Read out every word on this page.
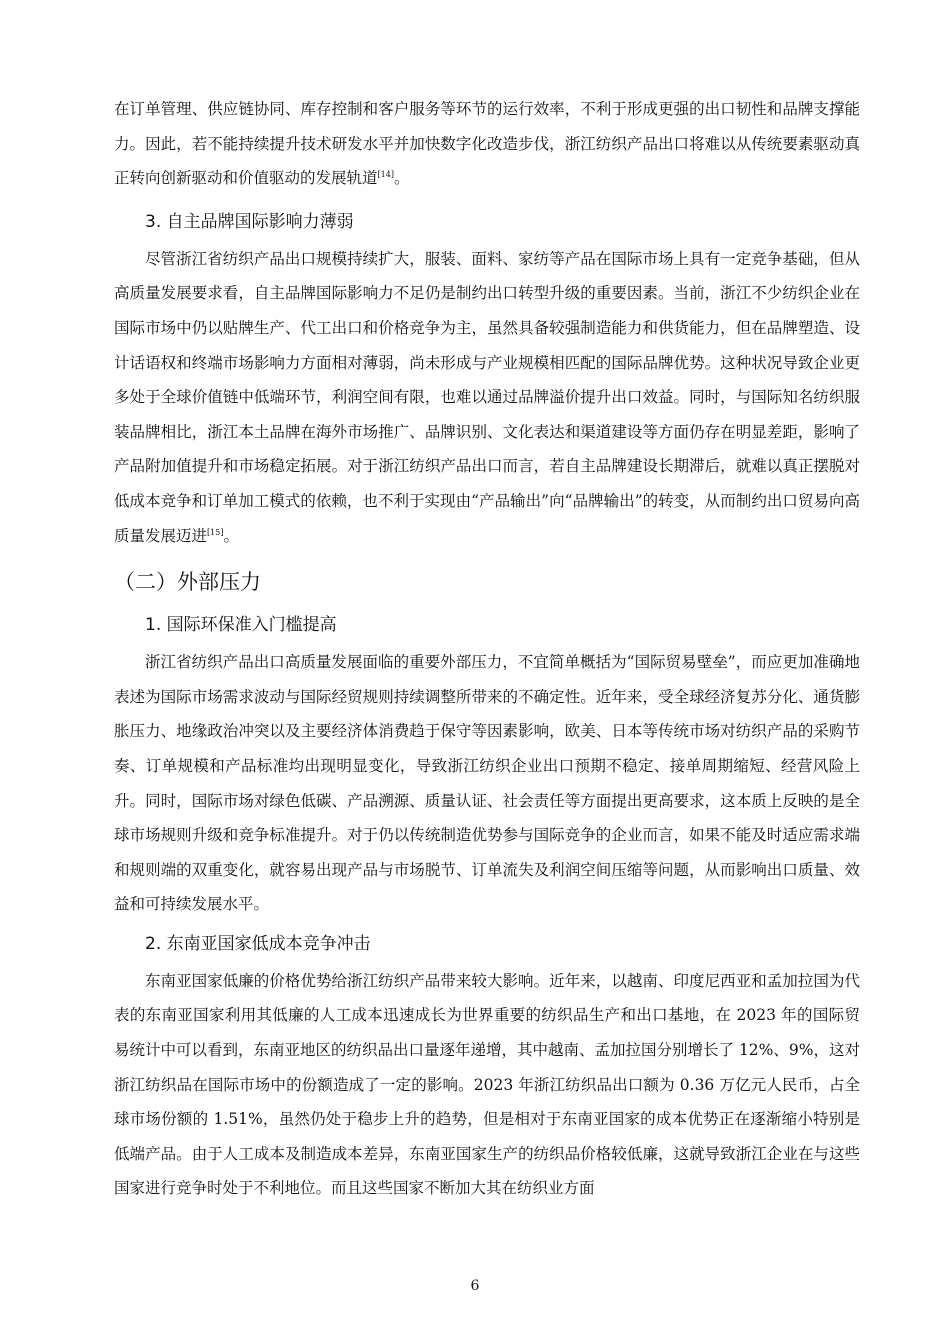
在订单管理、供应链协同、库存控制和客户服务等环节的运行效率，不利于形成更强的出口韧性和品牌支撑能力。因此，若不能持续提升技术研发水平并加快数字化改造步伐，浙江纺织产品出口将难以从传统要素驱动真正转向创新驱动和价值驱动的发展轨道[14]。

3. 自主品牌国际影响力薄弱

尽管浙江省纺织产品出口规模持续扩大，服装、面料、家纺等产品在国际市场上具有一定竞争基础，但从高质量发展要求看，自主品牌国际影响力不足仍是制约出口转型升级的重要因素。当前，浙江不少纺织企业在国际市场中仍以贴牌生产、代工出口和价格竞争为主，虽然具备较强制造能力和供货能力，但在品牌塑造、设计话语权和终端市场影响力方面相对薄弱，尚未形成与产业规模相匹配的国际品牌优势。这种状况导致企业更多处于全球价值链中低端环节，利润空间有限，也难以通过品牌溢价提升出口效益。同时，与国际知名纺织服装品牌相比，浙江本土品牌在海外市场推广、品牌识别、文化表达和渠道建设等方面仍存在明显差距，影响了产品附加值提升和市场稳定拓展。对于浙江纺织产品出口而言，若自主品牌建设长期滞后，就难以真正摆脱对低成本竞争和订单加工模式的依赖，也不利于实现由“产品输出”向“品牌输出”的转变，从而制约出口贸易向高质量发展迈进[15]。

（二）外部压力
1. 国际环保准入门槛提高

浙江省纺织产品出口高质量发展面临的重要外部压力，不宜简单概括为“国际贸易壁垒”，而应更加准确地表述为国际市场需求波动与国际经贸规则持续调整所带来的不确定性。近年来，受全球经济复苏分化、通货膨胀压力、地缘政治冲突以及主要经济体消费趋于保守等因素影响，欧美、日本等传统市场对纺织产品的采购节奏、订单规模和产品标准均出现明显变化，导致浙江纺织企业出口预期不稳定、接单周期缩短、经营风险上升。同时，国际市场对绿色低碳、产品溯源、质量认证、社会责任等方面提出更高要求，这本质上反映的是全球市场规则升级和竞争标准提升。对于仍以传统制造优势参与国际竞争的企业而言，如果不能及时适应需求端和规则端的双重变化，就容易出现产品与市场脱节、订单流失及利润空间压缩等问题，从而影响出口质量、效益和可持续发展水平。

2. 东南亚国家低成本竞争冲击

东南亚国家低廉的价格优势给浙江纺织产品带来较大影响。近年来，以越南、印度尼西亚和孟加拉国为代表的东南亚国家利用其低廉的人工成本迅速成长为世界重要的纺织品生产和出口基地，在 2023 年的国际贸易统计中可以看到，东南亚地区的纺织品出口量逐年递增，其中越南、孟加拉国分别增长了 12%、9%，这对浙江纺织品在国际市场中的份额造成了一定的影响。2023 年浙江纺织品出口额为 0.36 万亿元人民币，占全球市场份额的 1.51%，虽然仍处于稳步上升的趋势，但是相对于东南亚国家的成本优势正在逐渐缩小特别是低端产品。由于人工成本及制造成本差异，东南亚国家生产的纺织品价格较低廉，这就导致浙江企业在与这些国家进行竞争时处于不利地位。而且这些国家不断加大其在纺织业方面

6
